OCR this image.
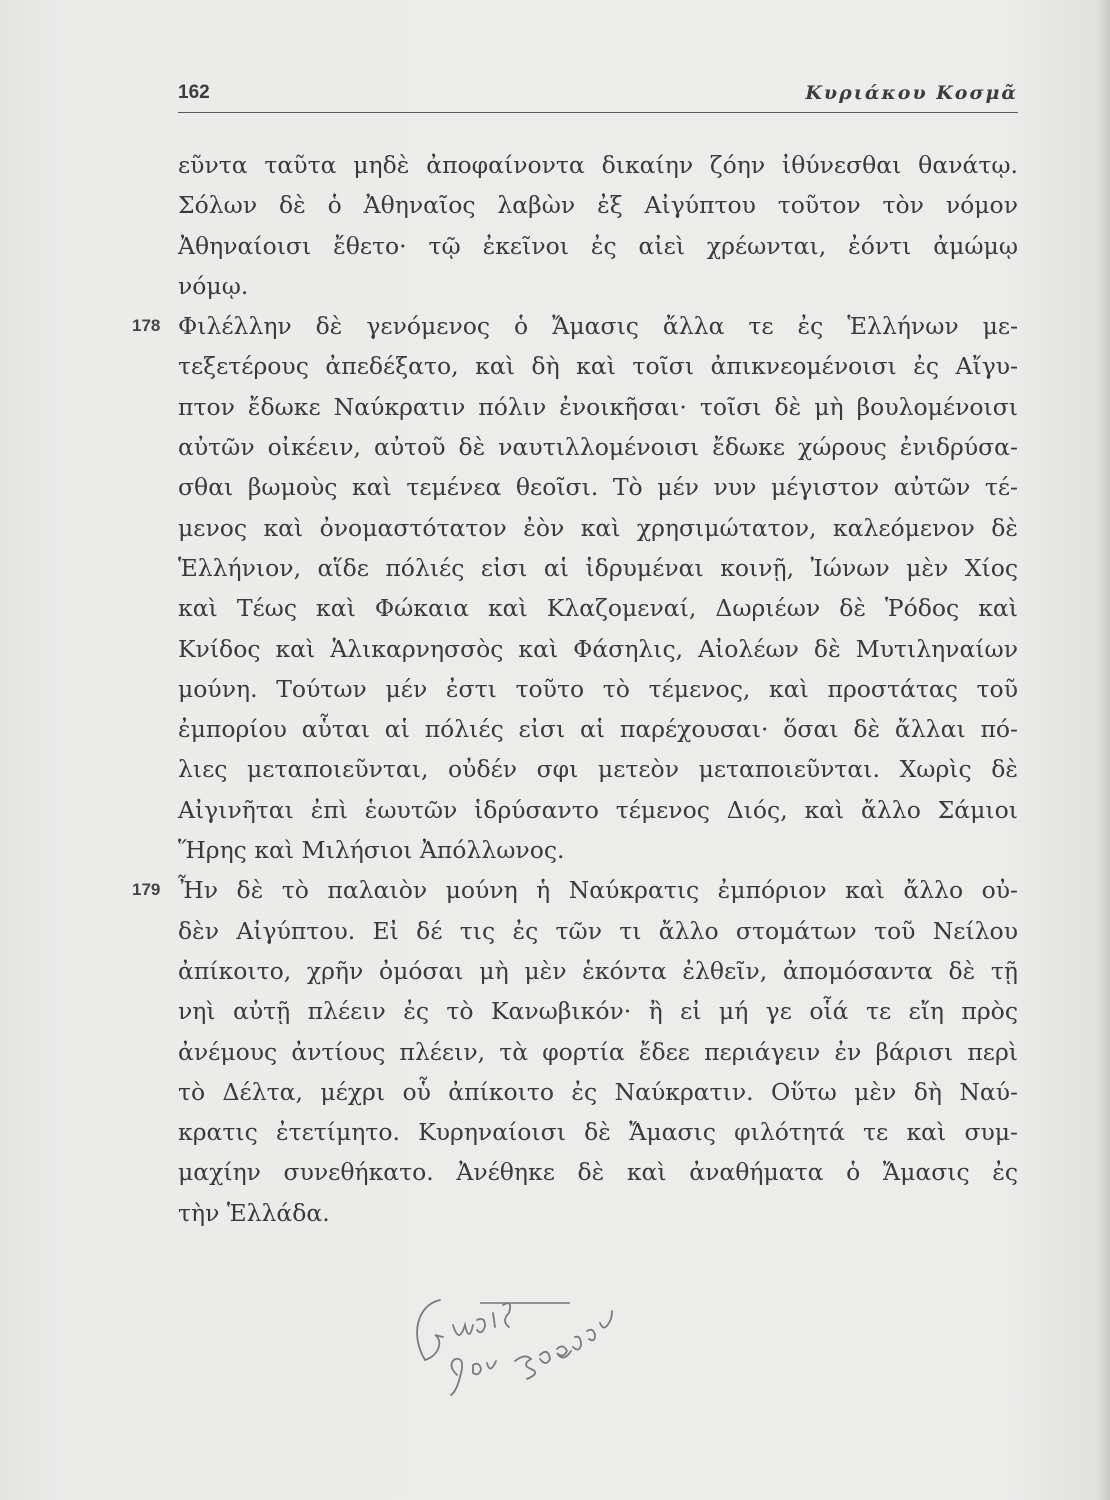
162	Κυριάκου Κοσμᾶ
εῦντα ταῦτα μηδὲ ἀποφαίνοντα δικαίην ζόην ἰθύνεσθαι θανάτῳ.
Σόλων δὲ ὁ Ἀθηναῖος λαβὼν ἐξ Αἰγύπτου τοῦτον τὸν νόμον
Ἀθηναίοισι ἔθετο· τῷ ἐκεῖνοι ἐς αἰεὶ χρέωνται, ἐόντι ἀμώμῳ
νόμῳ.
178 Φιλέλλην δὲ γενόμενος ὁ Ἄμασις ἄλλα τε ἐς Ἑλλήνων με-
τεξετέρους ἀπεδέξατο, καὶ δὴ καὶ τοῖσι ἀπικνεομένοισι ἐς Αἴγυ-
πτον ἔδωκε Ναύκρατιν πόλιν ἐνοικῆσαι· τοῖσι δὲ μὴ βουλομένοισι
αὐτῶν οἰκέειν, αὐτοῦ δὲ ναυτιλλομένοισι ἔδωκε χώρους ἐνιδρύσα-
σθαι βωμοὺς καὶ τεμένεα θεοῖσι. Τὸ μέν νυν μέγιστον αὐτῶν τέ-
μενος καὶ ὀνομαστότατον ἐὸν καὶ χρησιμώτατον, καλεόμενον δὲ
Ἑλλήνιον, αἵδε πόλιές εἰσι αἱ ἱδρυμέναι κοινῇ, Ἰώνων μὲν Χίος
καὶ Τέως καὶ Φώκαια καὶ Κλαζομεναί, Δωριέων δὲ Ῥόδος καὶ
Κνίδος καὶ Ἁλικαρνησσὸς καὶ Φάσηλις, Αἰολέων δὲ Μυτιληναίων
μούνη. Τούτων μέν ἐστι τοῦτο τὸ τέμενος, καὶ προστάτας τοῦ
ἐμπορίου αὗται αἱ πόλιές εἰσι αἱ παρέχουσαι· ὅσαι δὲ ἄλλαι πό-
λιες μεταποιεῦνται, οὐδέν σφι μετεὸν μεταποιεῦνται. Χωρὶς δὲ
Αἰγινῆται ἐπὶ ἑωυτῶν ἱδρύσαντο τέμενος Διός, καὶ ἄλλο Σάμιοι
Ἥρης καὶ Μιλήσιοι Ἀπόλλωνος.
179 Ἦν δὲ τὸ παλαιὸν μούνη ἡ Ναύκρατις ἐμπόριον καὶ ἄλλο οὐ-
δὲν Αἰγύπτου. Εἰ δέ τις ἐς τῶν τι ἄλλο στομάτων τοῦ Νείλου
ἀπίκοιτο, χρῆν ὀμόσαι μὴ μὲν ἑκόντα ἐλθεῖν, ἀπομόσαντα δὲ τῇ
νηὶ αὐτῇ πλέειν ἐς τὸ Κανωβικόν· ἢ εἰ μή γε οἷά τε εἴη πρὸς
ἀνέμους ἀντίους πλέειν, τὰ φορτία ἔδεε περιάγειν ἐν βάρισι περὶ
τὸ Δέλτα, μέχρι οὗ ἀπίκοιτο ἐς Ναύκρατιν. Οὕτω μὲν δὴ Ναύ-
κρατις ἐτετίμητο. Κυρηναίοισι δὲ Ἄμασις φιλότητά τε καὶ συμ-
μαχίην συνεθήκατο. Ἀνέθηκε δὲ καὶ ἀναθήματα ὁ Ἄμασις ἐς
τὴν Ἑλλάδα.
